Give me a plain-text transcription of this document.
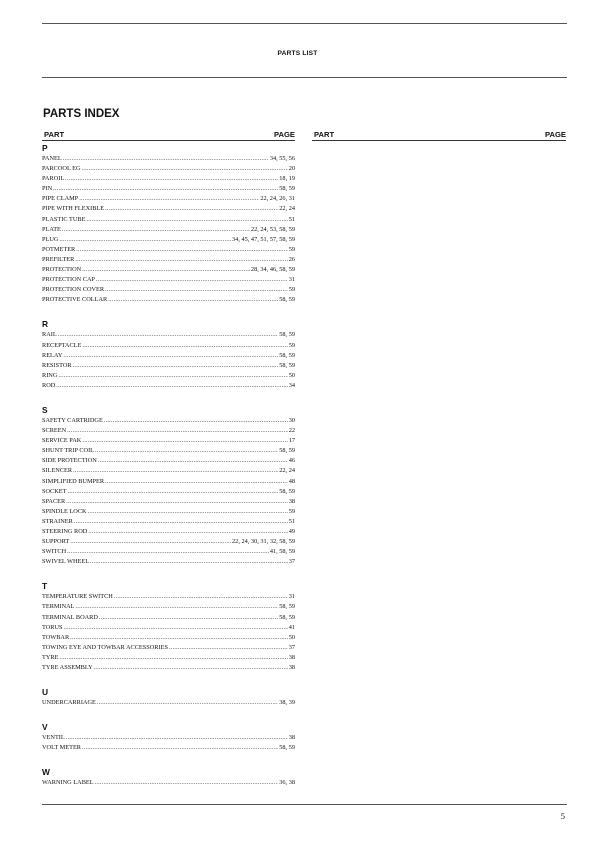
PARTS LIST
PARTS INDEX
PART	PAGE	PART	PAGE
P
PANEL .....	34, 55, 56
PARCOOL EG .....	20
PAROIL .....	18, 19
PIN .....	58, 59
PIPE CLAMP .....	22, 24, 26, 31
PIPE WITH FLEXIBLE .....	22, 24
PLASTIC TUBE .....	51
PLATE .....	22, 24, 53, 58, 59
PLUG .....	34, 45, 47, 51, 57, 58, 59
POTMETER .....	59
PREFILTER .....	26
PROTECTION .....	28, 34, 46, 58, 59
PROTECTION CAP .....	31
PROTECTION COVER .....	59
PROTECTIVE COLLAR .....	58, 59
R
RAIL .....	58, 59
RECEPTACLE .....	59
RELAY .....	58, 59
RESISTOR .....	58, 59
RING .....	50
ROD .....	34
S
SAFETY CARTRIDGE .....	30
SCREEN .....	22
SERVICE PAK .....	17
SHUNT TRIP COIL .....	58, 59
SIDE PROTECTION .....	46
SILENCER .....	22, 24
SIMPLIFIED BUMPER .....	48
SOCKET .....	58, 59
SPACER .....	38
SPINDLE LOCK .....	59
STRAINER .....	51
STEERING ROD .....	49
SUPPORT .....	22, 24, 30, 31, 32, 58, 59
SWITCH .....	41, 58, 59
SWIVEL WHEEL .....	37
T
TEMPERATURE SWITCH .....	31
TERMINAL .....	58, 59
TERMINAL BOARD .....	58, 59
TORUS .....	41
TOWBAR .....	50
TOWING EYE AND TOWBAR ACCESSORIES .....	37
TYRE .....	38
TYRE ASSEMBLY .....	38
U
UNDERCARRIAGE .....	38, 39
V
VENTIL .....	38
VOLT METER .....	58, 59
W
WARNING LABEL .....	36, 38
5
